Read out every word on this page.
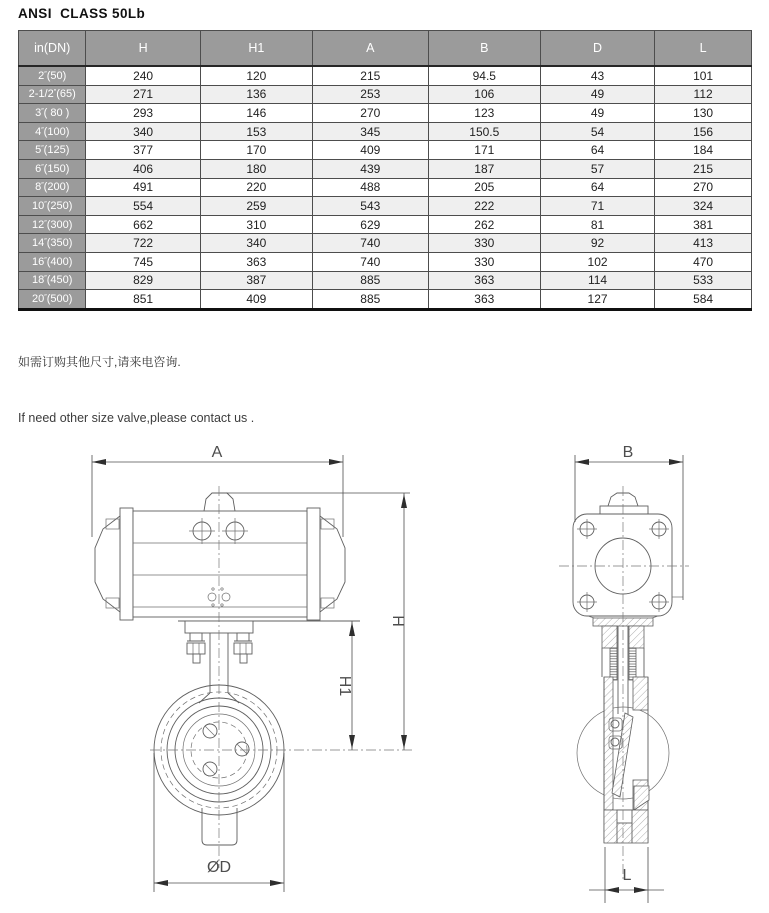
ANSI  CLASS 50Lb
in(DN)	H	H1	A	B	D	L
2″(50)	240	120	215	94.5	43	101
2-1/2″(65)	271	136	253	106	49	112
3″( 80 )	293	146	270	123	49	130
4″(100)	340	153	345	150.5	54	156
5″(125)	377	170	409	171	64	184
6″(150)	406	180	439	187	57	215
8″(200)	491	220	488	205	64	270
10″(250)	554	259	543	222	71	324
12″(300)	662	310	629	262	81	381
14″(350)	722	340	740	330	92	413
16″(400)	745	363	740	330	102	470
18″(450)	829	387	885	363	114	533
20″(500)	851	409	885	363	127	584

如需订购其他尺寸,请来电咨询.

If need other size valve,please contact us .

A
H
H1
ØD
B
L
